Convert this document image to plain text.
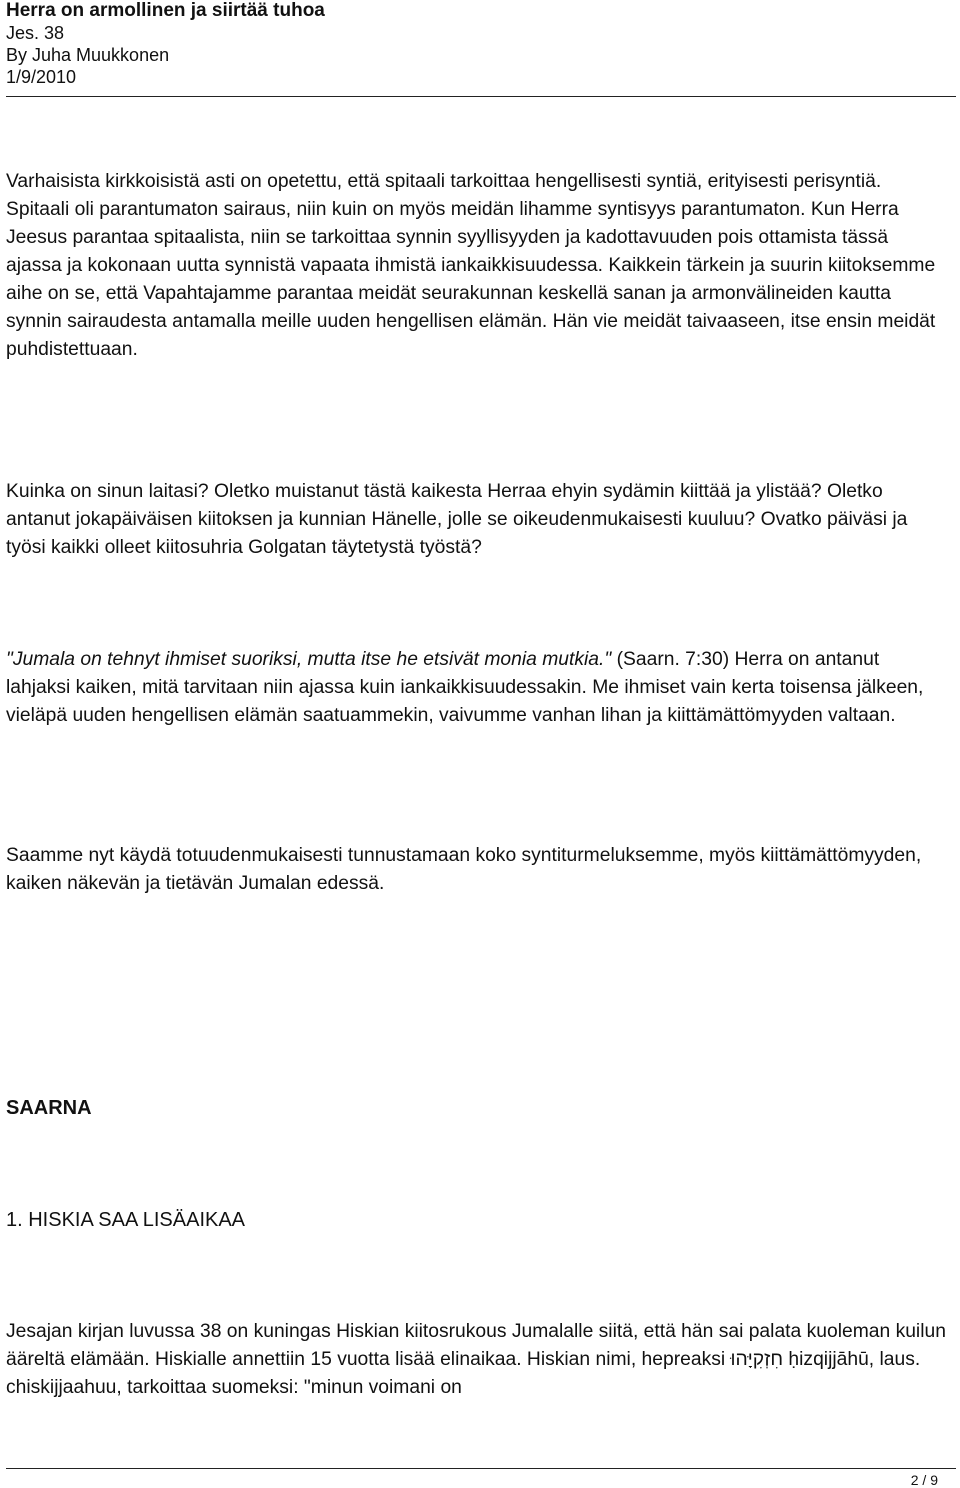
Herra on armollinen ja siirtää tuhoa
Jes. 38
By Juha Muukkonen
1/9/2010

Varhaisista kirkkoisistä asti on opetettu, että spitaali tarkoittaa hengellisesti syntiä, erityisesti perisyntiä. Spitaali oli parantumaton sairaus, niin kuin on myös meidän lihamme syntisyys parantumaton. Kun Herra Jeesus parantaa spitaalista, niin se tarkoittaa synnin syyllisyyden ja kadottavuuden pois ottamista tässä ajassa ja kokonaan uutta synnistä vapaata ihmistä iankaikkisuudessa. Kaikkein tärkein ja suurin kiitoksemme aihe on se, että Vapahtajamme parantaa meidät seurakunnan keskellä sanan ja armonvälineiden kautta synnin sairaudesta antamalla meille uuden hengellisen elämän. Hän vie meidät taivaaseen, itse ensin meidät puhdistettuaan.

Kuinka on sinun laitasi? Oletko muistanut tästä kaikesta Herraa ehyin sydämin kiittää ja ylistää? Oletko antanut jokapäiväisen kiitoksen ja kunnian Hänelle, jolle se oikeudenmukaisesti kuuluu? Ovatko päiväsi ja työsi kaikki olleet kiitosuhria Golgatan täytetystä työstä?

"Jumala on tehnyt ihmiset suoriksi, mutta itse he etsivät monia mutkia." (Saarn. 7:30) Herra on antanut lahjaksi kaiken, mitä tarvitaan niin ajassa kuin iankaikkisuudessakin. Me ihmiset vain kerta toisensa jälkeen, vieläpä uuden hengellisen elämän saatuammekin, vaivumme vanhan lihan ja kiittämättömyyden valtaan.

Saamme nyt käydä totuudenmukaisesti tunnustamaan koko syntiturmeluksemme, myös kiittämättömyyden, kaiken näkevän ja tietävän Jumalan edessä.

SAARNA
1. HISKIA SAA LISÄAIKAA

Jesajan kirjan luvussa 38 on kuningas Hiskian kiitosrukous Jumalalle siitä, että hän sai palata kuoleman kuilun ääreltä elämään. Hiskialle annettiin 15 vuotta lisää elinaikaa. Hiskian nimi, hepreaksi חִזְקִיָּהוּ ḥizqijjāhū, laus. chiskijjaahuu, tarkoittaa suomeksi: "minun voimani on

2 / 9
